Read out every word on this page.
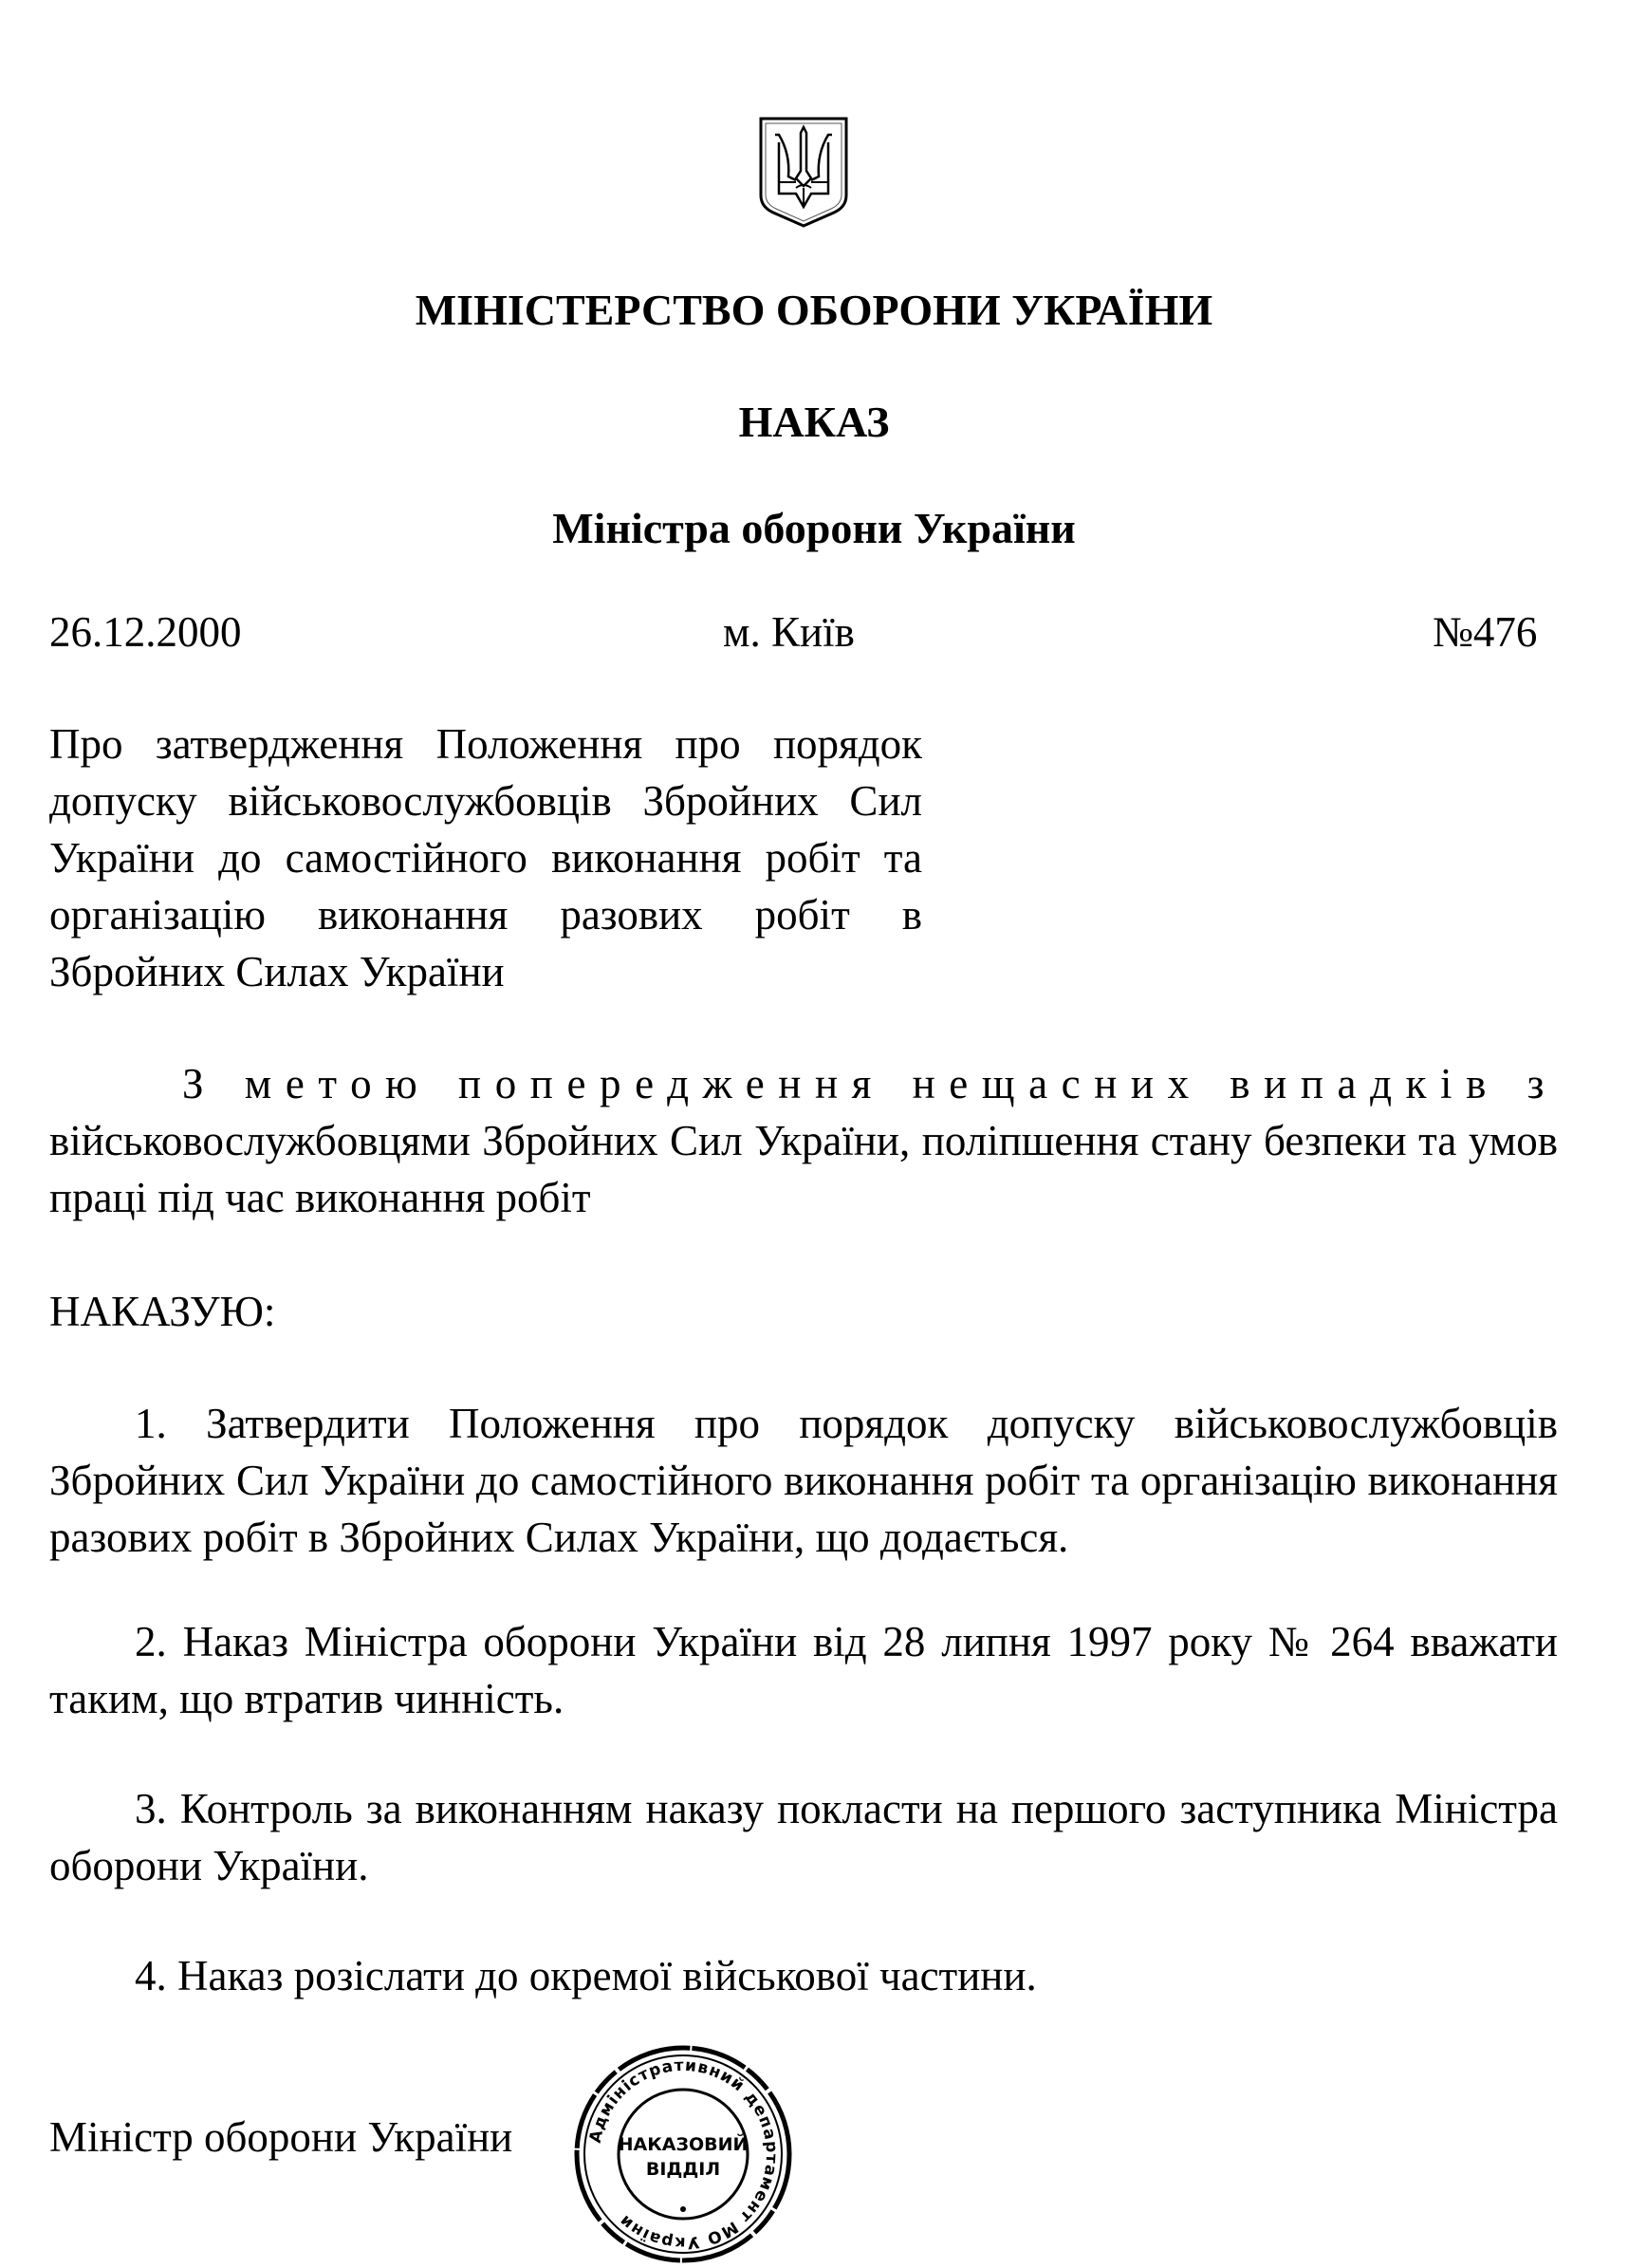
МІНІСТЕРСТВО ОБОРОНИ УКРАЇНИ
НАКАЗ
Міністра оборони України
26.12.2000	м. Київ	№476
Про затвердження Положення про порядок допуску військовослужбовців Збройних Сил України до самостійного виконання робіт та організацію виконання разових робіт в Збройних Силах України
З метою попередження нещасних випадків з
військовослужбовцями Збройних Сил України, поліпшення стану безпеки та умов праці під час виконання робіт
НАКАЗУЮ:
1. Затвердити Положення про порядок допуску військовослужбовців Збройних Сил України до самостійного виконання робіт та організацію виконання разових робіт в Збройних Силах України, що додається.
2. Наказ Міністра оборони України від 28 липня 1997 року № 264 вважати таким, що втратив чинність.
3. Контроль за виконанням наказу покласти на першого заступника Міністра оборони України.
4. Наказ розіслати до окремої військової частини.
Міністр оборони України	Адміністративний департамент МО України
НАКАЗОВИЙ
ВІДДІЛ
